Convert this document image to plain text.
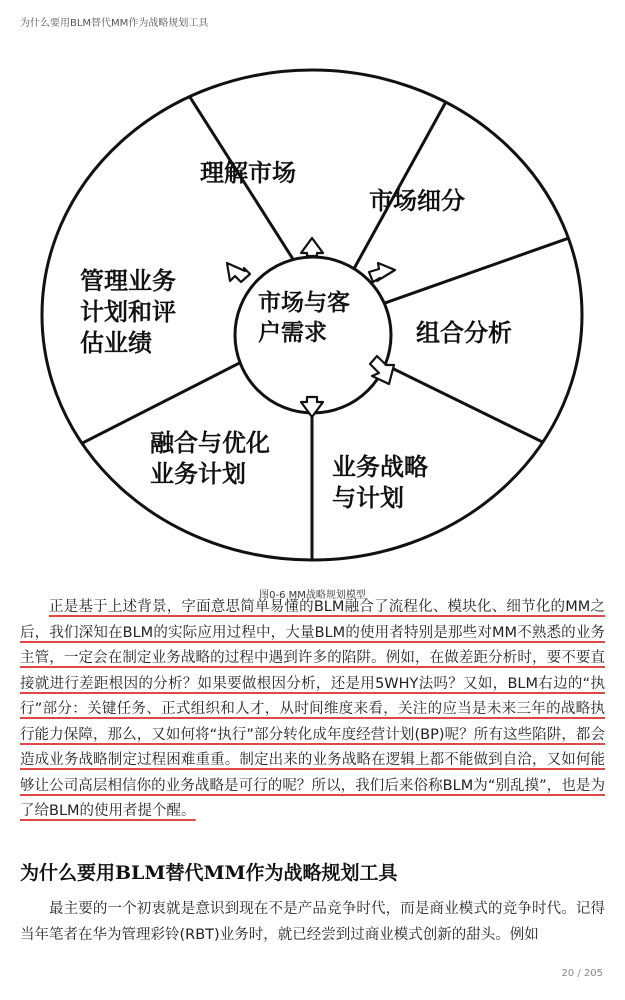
为什么要用BLM替代MM作为战略规划工具
市场与客
户需求
理解市场
市场细分
组合分析
业务战略
与计划
融合与优化
业务计划
管理业务
计划和评
估业绩
图0-6 MM战略规划模型

正是基于上述背景，字面意思简单易懂的BLM融合了流程化、模块化、细节化的MM之后，我们深知在BLM的实际应用过程中，大量BLM的使用者特别是那些对MM不熟悉的业务主管，一定会在制定业务战略的过程中遇到许多的陷阱。例如，在做差距分析时，要不要直接就进行差距根因的分析？如果要做根因分析，还是用5WHY法吗？又如，BLM右边的“执行”部分：关键任务、正式组织和人才，从时间维度来看，关注的应当是未来三年的战略执行能力保障，那么，又如何将“执行”部分转化成年度经营计划(BP)呢？所有这些陷阱，都会造成业务战略制定过程困难重重。制定出来的业务战略在逻辑上都不能做到自洽，又如何能够让公司高层相信你的业务战略是可行的呢？所以，我们后来俗称BLM为“别乱摸”，也是为了给BLM的使用者提个醒。

为什么要用BLM替代MM作为战略规划工具

最主要的一个初衷就是意识到现在不是产品竞争时代，而是商业模式的竞争时代。记得当年笔者在华为管理彩铃(RBT)业务时，就已经尝到过商业模式创新的甜头。例如

20 / 205
